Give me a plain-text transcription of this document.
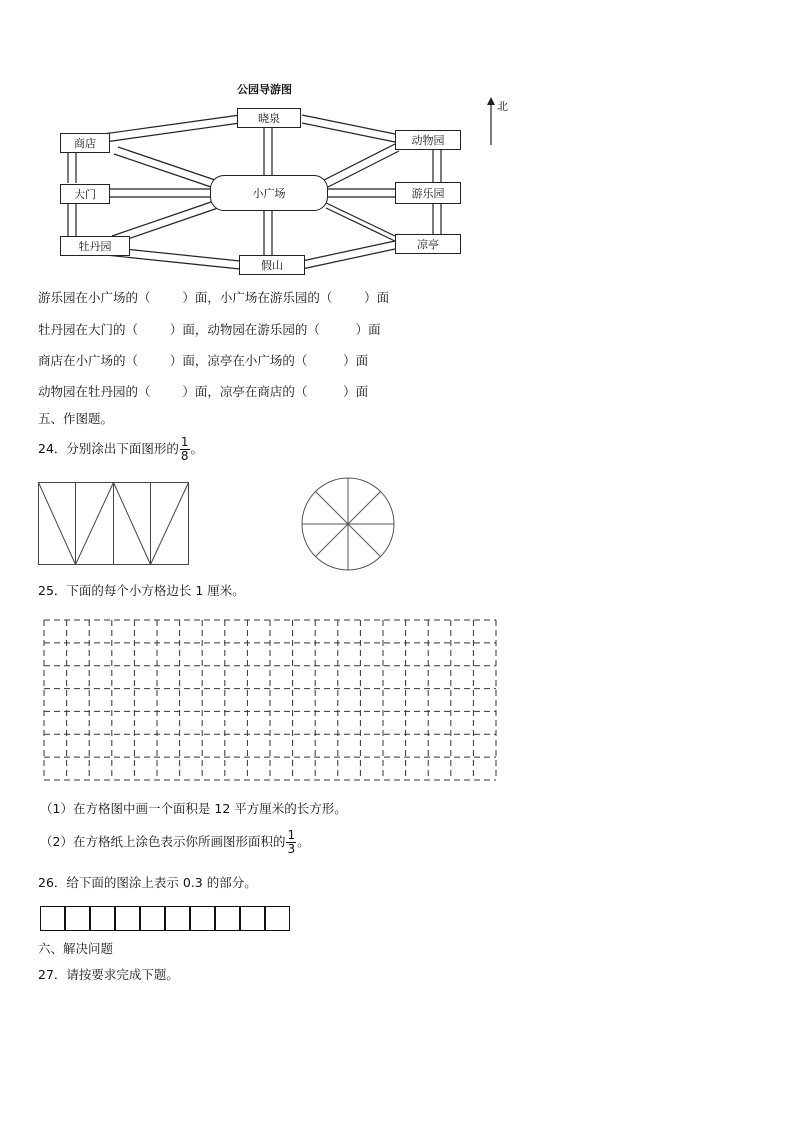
公园导游图
商店
晓泉
动物园
大门	小广场	游乐园
牡丹园
假山
凉亭
北
游乐园在小广场的（	）面，小广场在游乐园的（	）面
牡丹园在大门的（	）面，动物园在游乐园的（	）面
商店在小广场的（	）面，凉亭在小广场的（	）面
动物园在牡丹园的（	）面，凉亭在商店的（	）面
五、作图题。
24．分别涂出下面图形的 $\frac{1}{8}$ 。
25．下面的每个小方格边长 1 厘米。
（1）在方格图中画一个面积是 12 平方厘米的长方形。
（2）在方格纸上涂色表示你所画图形面积的 $\frac{1}{3}$ 。
26．给下面的图涂上表示 0.3 的部分。
六、解决问题
27．请按要求完成下题。
